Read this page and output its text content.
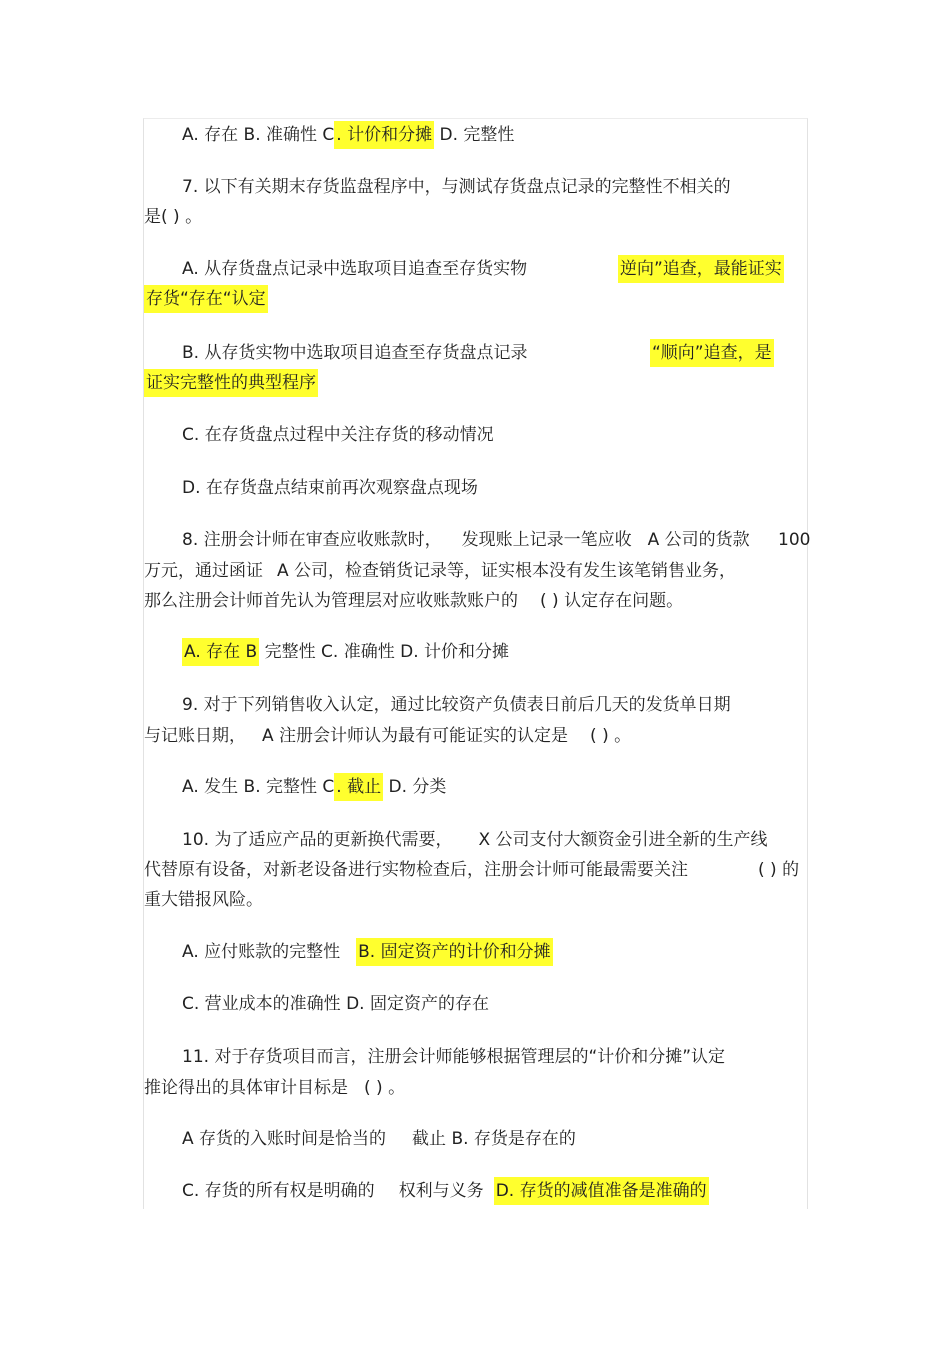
A. 存在 B. 准确性 C . 计价和分摊 D. 完整性
7. 以下有关期末存货监盘程序中，与测试存货盘点记录的完整性不相关的
是( ) 。
A. 从存货盘点记录中选取项目追查至存货实物	逆向”追查，最能证实
存货“存在“认定
B. 从存货实物中选取项目追查至存货盘点记录	“顺向”追查，是
证实完整性的典型程序
C. 在存货盘点过程中关注存货的移动情况
D. 在存货盘点结束前再次观察盘点现场
8. 注册会计师在审查应收账款时， 发现账上记录一笔应收 A 公司的货款 100
万元，通过函证 A 公司，检查销货记录等，证实根本没有发生该笔销售业务，
那么注册会计师首先认为管理层对应收账款账户的 ( ) 认定存在问题。
A. 存在 B 完整性 C. 准确性 D. 计价和分摊
9. 对于下列销售收入认定，通过比较资产负债表日前后几天的发货单日期
与记账日期， A 注册会计师认为最有可能证实的认定是 ( ) 。
A. 发生 B. 完整性 C . 截止 D. 分类
10. 为了适应产品的更新换代需要， X 公司支付大额资金引进全新的生产线
代替原有设备，对新老设备进行实物检查后，注册会计师可能最需要关注	( ) 的
重大错报风险。
A. 应付账款的完整性 B. 固定资产的计价和分摊
C. 营业成本的准确性 D. 固定资产的存在
11. 对于存货项目而言，注册会计师能够根据管理层的“计价和分摊”认定
推论得出的具体审计目标是 ( ) 。
A 存货的入账时间是恰当的 截止 B. 存货是存在的
C. 存货的所有权是明确的 权利与义务 D. 存货的减值准备是准确的
